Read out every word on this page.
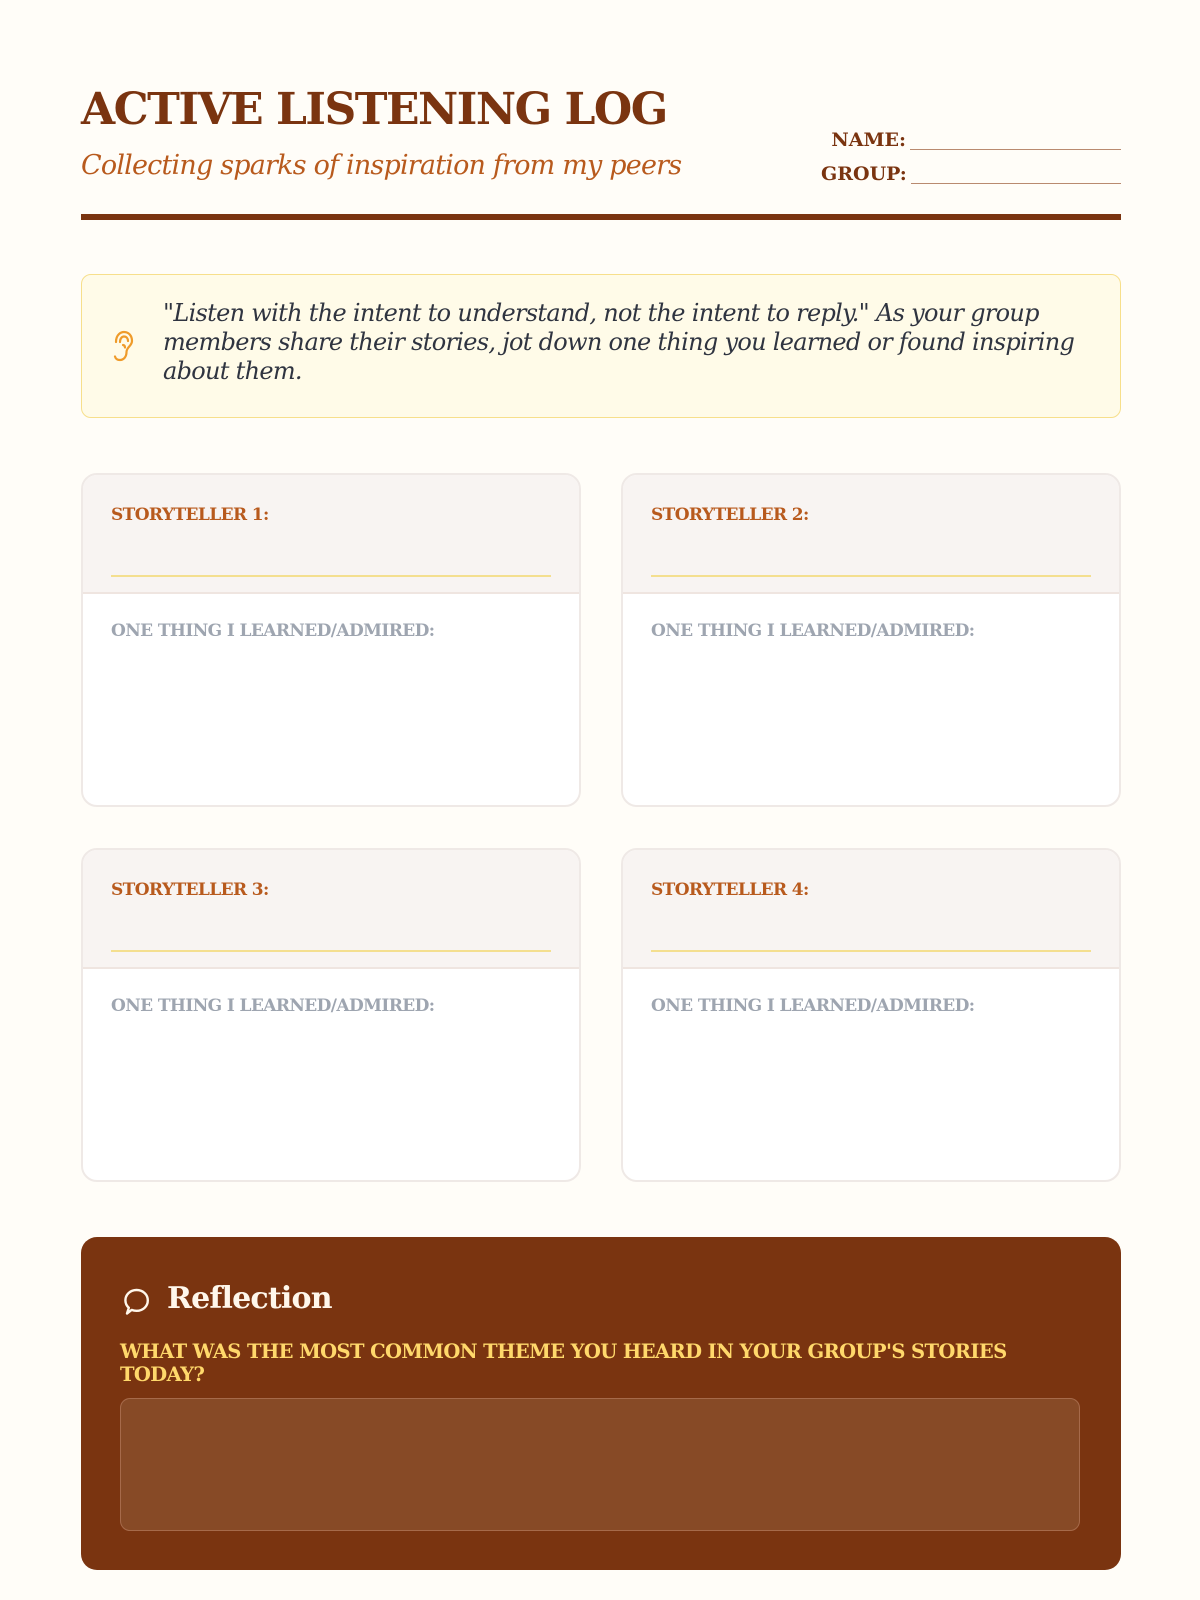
ACTIVE LISTENING LOG
Collecting sparks of inspiration from my peers
NAME:
GROUP:
"Listen with the intent to understand, not the intent to reply." As your group members share their stories, jot down one thing you learned or found inspiring about them.
STORYTELLER 1:
ONE THING I LEARNED/ADMIRED:
STORYTELLER 2:
ONE THING I LEARNED/ADMIRED:
STORYTELLER 3:
ONE THING I LEARNED/ADMIRED:
STORYTELLER 4:
ONE THING I LEARNED/ADMIRED:
Reflection
WHAT WAS THE MOST COMMON THEME YOU HEARD IN YOUR GROUP'S STORIES TODAY?
